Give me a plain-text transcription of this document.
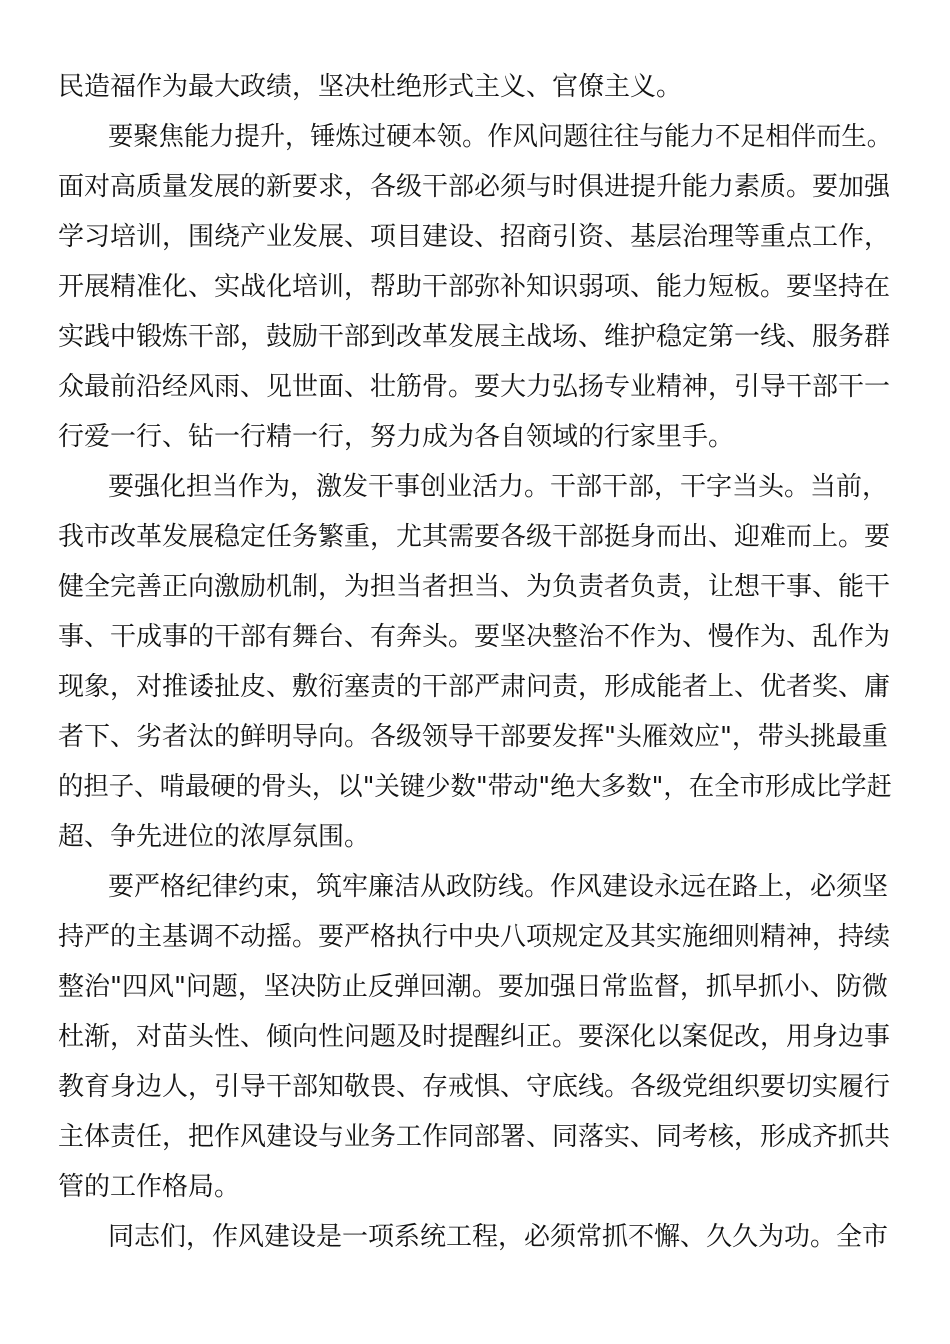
民造福作为最大政绩，坚决杜绝形式主义、官僚主义。
要聚焦能力提升，锤炼过硬本领。作风问题往往与能力不足相伴而生。
面对高质量发展的新要求，各级干部必须与时俱进提升能力素质。要加强
学习培训，围绕产业发展、项目建设、招商引资、基层治理等重点工作，
开展精准化、实战化培训，帮助干部弥补知识弱项、能力短板。要坚持在
实践中锻炼干部，鼓励干部到改革发展主战场、维护稳定第一线、服务群
众最前沿经风雨、见世面、壮筋骨。要大力弘扬专业精神，引导干部干一
行爱一行、钻一行精一行，努力成为各自领域的行家里手。
要强化担当作为，激发干事创业活力。干部干部，干字当头。当前，
我市改革发展稳定任务繁重，尤其需要各级干部挺身而出、迎难而上。要
健全完善正向激励机制，为担当者担当、为负责者负责，让想干事、能干
事、干成事的干部有舞台、有奔头。要坚决整治不作为、慢作为、乱作为
现象，对推诿扯皮、敷衍塞责的干部严肃问责，形成能者上、优者奖、庸
者下、劣者汰的鲜明导向。各级领导干部要发挥"头雁效应"，带头挑最重
的担子、啃最硬的骨头，以"关键少数"带动"绝大多数"，在全市形成比学赶
超、争先进位的浓厚氛围。
要严格纪律约束，筑牢廉洁从政防线。作风建设永远在路上，必须坚
持严的主基调不动摇。要严格执行中央八项规定及其实施细则精神，持续
整治"四风"问题，坚决防止反弹回潮。要加强日常监督，抓早抓小、防微
杜渐，对苗头性、倾向性问题及时提醒纠正。要深化以案促改，用身边事
教育身边人，引导干部知敬畏、存戒惧、守底线。各级党组织要切实履行
主体责任，把作风建设与业务工作同部署、同落实、同考核，形成齐抓共
管的工作格局。
同志们，作风建设是一项系统工程，必须常抓不懈、久久为功。全市
